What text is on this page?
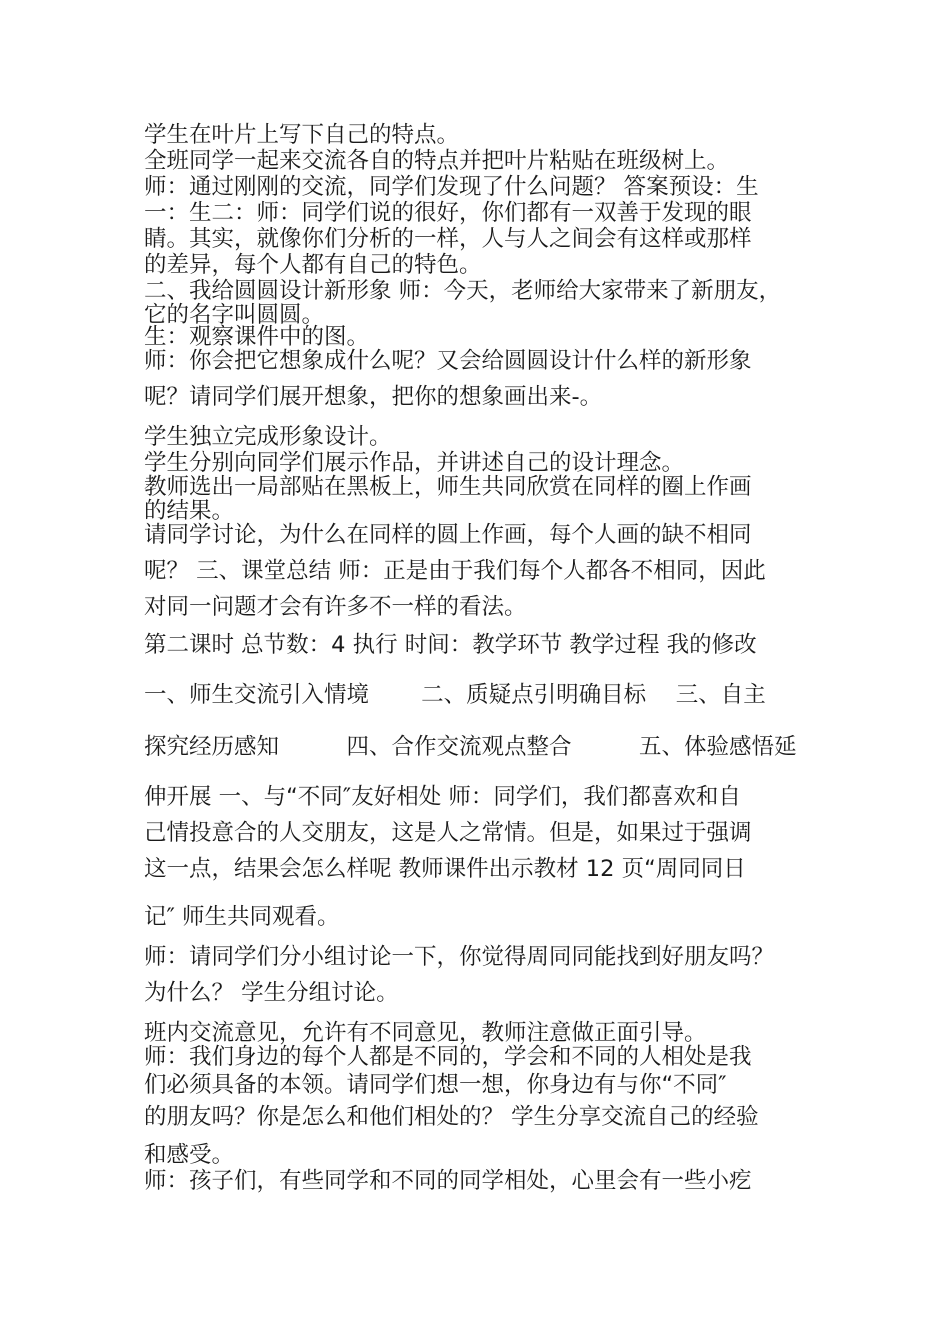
学生在叶片上写下自己的特点。
全班同学一起来交流各自的特点并把叶片粘贴在班级树上。
师：通过刚刚的交流，同学们发现了什么问题？ 答案预设：生
一：生二：师：同学们说的很好，你们都有一双善于发现的眼
睛。其实，就像你们分析的一样，人与人之间会有这样或那样
的差异，每个人都有自己的特色。
二、我给圆圆设计新形象 师：今天，老师给大家带来了新朋友，
它的名字叫圆圆。
生：观察课件中的图。
师：你会把它想象成什么呢？又会给圆圆设计什么样的新形象
呢？请同学们展开想象，把你的想象画出来-。
学生独立完成形象设计。
学生分别向同学们展示作品，并讲述自己的设计理念。
教师选出一局部贴在黑板上，师生共同欣赏在同样的圈上作画
的结果。
请同学讨论，为什么在同样的圆上作画，每个人画的缺不相同
呢？ 三、课堂总结 师：正是由于我们每个人都各不相同，因此
对同一问题才会有许多不一样的看法。
第二课时 总节数：4 执行 时间：教学环节 教学过程 我的修改
一、师生交流引入情境　　 二、质疑点引明确目标　 三、自主
探究经历感知　　　四、合作交流观点整合　　　五、体验感悟延
伸开展 一、与“不同″友好相处 师：同学们，我们都喜欢和自
己情投意合的人交朋友，这是人之常情。但是，如果过于强调
这一点，结果会怎么样呢 教师课件出示教材 12 页“周同同日
记″ 师生共同观看。
师：请同学们分小组讨论一下，你觉得周同同能找到好朋友吗？
为什么？ 学生分组讨论。
班内交流意见，允许有不同意见，教师注意做正面引导。
师：我们身边的每个人都是不同的，学会和不同的人相处是我
们必须具备的本领。请同学们想一想，你身边有与你“不同″
的朋友吗？你是怎么和他们相处的？ 学生分享交流自己的经验
和感受。
师：孩子们，有些同学和不同的同学相处，心里会有一些小疙
